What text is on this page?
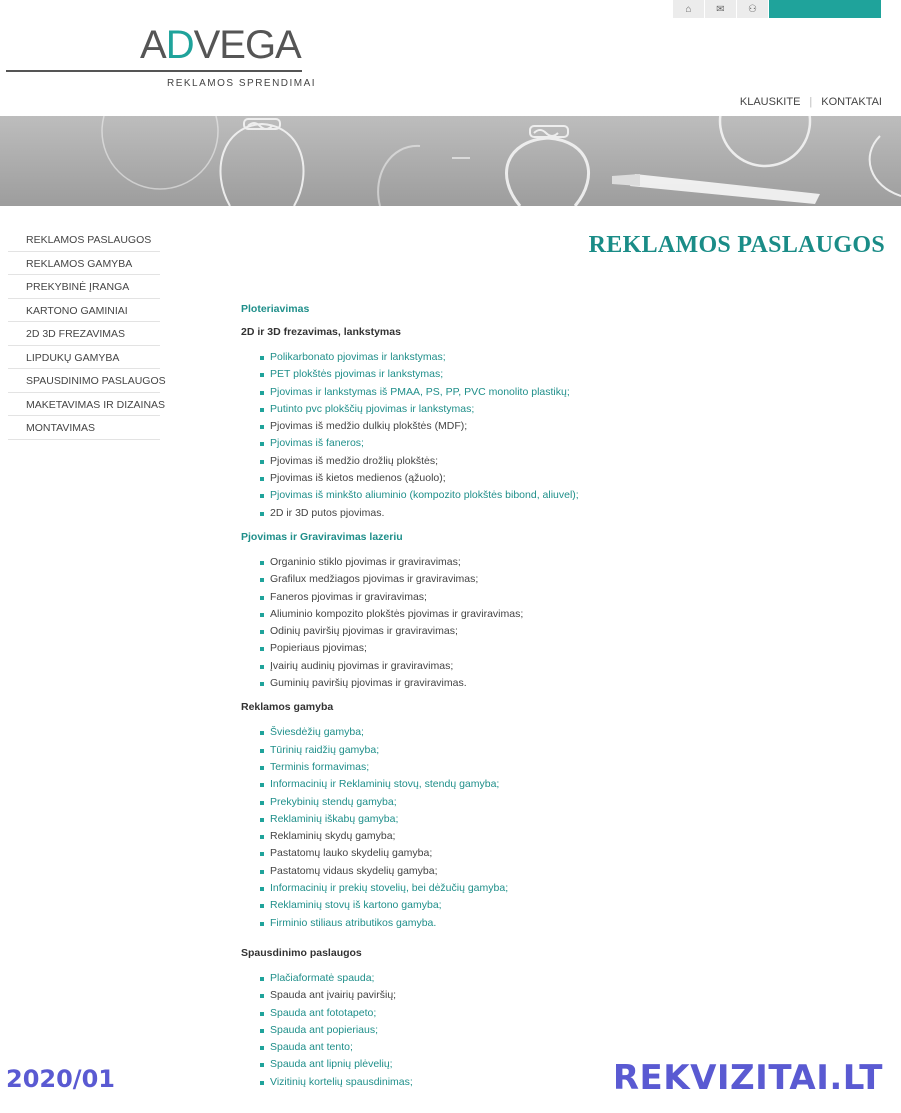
⌂ ✉ ⚇
ADVEGA
REKLAMOS SPRENDIMAI
KLAUSKITE | KONTAKTAI
REKLAMOS PASLAUGOS
REKLAMOS GAMYBA
PREKYBINĖ ĮRANGA
KARTONO GAMINIAI
2D 3D FREZAVIMAS
LIPDUKŲ GAMYBA
SPAUSDINIMO PASLAUGOS
MAKETAVIMAS IR DIZAINAS
MONTAVIMAS
REKLAMOS PASLAUGOS
Ploteriavimas
2D ir 3D frezavimas, lankstymas
Polikarbonato pjovimas ir lankstymas;
PET plokštės pjovimas ir lankstymas;
Pjovimas ir lankstymas iš PMAA, PS, PP, PVC monolito plastikų;
Putinto pvc plokščių pjovimas ir lankstymas;
Pjovimas iš medžio dulkių plokštės (MDF);
Pjovimas iš faneros;
Pjovimas iš medžio drožlių plokštės;
Pjovimas iš kietos medienos (ąžuolo);
Pjovimas iš minkšto aliuminio (kompozito plokštės bibond, aliuvel);
2D ir 3D putos pjovimas.
Pjovimas ir Graviravimas lazeriu
Organinio stiklo pjovimas ir graviravimas;
Grafilux medžiagos pjovimas ir graviravimas;
Faneros pjovimas ir graviravimas;
Aliuminio kompozito plokštės pjovimas ir graviravimas;
Odinių paviršių pjovimas ir graviravimas;
Popieriaus pjovimas;
Įvairių audinių pjovimas ir graviravimas;
Guminių paviršių pjovimas ir graviravimas.
Reklamos gamyba
Šviesdėžių gamyba;
Tūrinių raidžių gamyba;
Terminis formavimas;
Informacinių ir Reklaminių stovų, stendų gamyba;
Prekybinių stendų gamyba;
Reklaminių iškabų gamyba;
Reklaminių skydų gamyba;
Pastatomų lauko skydelių gamyba;
Pastatomų vidaus skydelių gamyba;
Informacinių ir prekių stovelių, bei dėžučių gamyba;
Reklaminių stovų iš kartono gamyba;
Firminio stiliaus atributikos gamyba.
Spausdinimo paslaugos
Plačiaformatė spauda;
Spauda ant įvairių paviršių;
Spauda ant fototapeto;
Spauda ant popieriaus;
Spauda ant tento;
Spauda ant lipnių plėvelių;
Vizitinių kortelių spausdinimas;
2020/01	REKVIZITAI.LT
